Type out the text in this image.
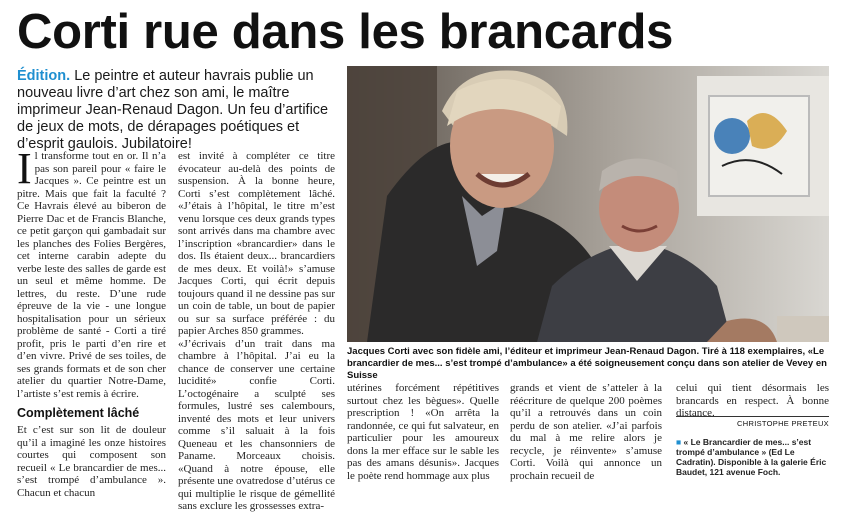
Corti rue dans les brancards

Édition. Le peintre et auteur havrais publie un nouveau livre d’art chez son ami, le maître imprimeur Jean-Renaud Dagon. Un feu d’artifice de jeux de mots, de dérapages poétiques et d’esprit gaulois. Jubilatoire!

Il transforme tout en or. Il n’a pas son pareil pour « faire le Jacques ». Ce peintre est un pitre. Mais que fait la faculté ? Ce Havrais élevé au biberon de Pierre Dac et de Francis Blanche, ce petit garçon qui gambadait sur les planches des Folies Bergères, cet interne carabin adepte du verbe leste des salles de garde est un seul et même homme. De lettres, du reste. D’une rude épreuve de la vie - une longue hospitalisation pour un sérieux problème de santé - Corti a tiré profit, pris le parti d’en rire et d’en vivre. Privé de ses toiles, de ses grands formats et de son cher atelier du quartier Notre-Dame, l’artiste s’est remis à écrire.

Complètement lâché

Et c’est sur son lit de douleur qu’il a imaginé les onze histoires courtes qui composent son recueil « Le brancardier de mes... s’est trompé d’ambulance ». Chacun et chacun

est invité à compléter ce titre évocateur au-delà des points de suspension. À la bonne heure, Corti s’est complètement lâché. «J’étais à l’hôpital, le titre m’est venu lorsque ces deux grands types sont arrivés dans ma chambre avec l’inscription «brancardier» dans le dos. Ils étaient deux... brancardiers de mes deux. Et voilà!» s’amuse Jacques Corti, qui écrit depuis toujours quand il ne dessine pas sur un coin de table, un bout de papier ou sur sa surface préférée : du papier Arches 850 grammes.

«J’écrivais d’un trait dans ma chambre à l’hôpital. J’ai eu la chance de conserver une certaine lucidité» confie Corti. L’octogénaire a sculpté ses formules, lustré ses calembours, inventé des mots et leur univers comme s’il saluait à la fois Queneau et les chansonniers de Paname. Morceaux choisis. «Quand à notre épouse, elle présente une ovatredose d’utérus ce qui multiplie le risque de gémellité sans exclure les grossesses extra-

Jacques Corti avec son fidèle ami, l’éditeur et imprimeur Jean-Renaud Dagon. Tiré à 118 exemplaires, «Le brancardier de mes... s’est trompé d’ambulance» a été soigneusement conçu dans son atelier de Vevey en Suisse

utérines forcément répétitives surtout chez les bègues». Quelle prescription ! «On arrêta la randonnée, ce qui fut salvateur, en particulier pour les amoureux dons la mer efface sur le sable les pas des amans désunis». Jacques le poète rend hommage aux plus

grands et vient de s’atteler à la réécriture de quelque 200 poèmes qu’il a retrouvés dans un coin perdu de son atelier. «J’ai parfois du mal à me relire alors je recycle, je réinvente» s’amuse Corti. Voilà qui annonce un prochain recueil de

celui qui tient désormais les brancards en respect. À bonne distance.

CHRISTOPHE PRETEUX

■ « Le Brancardier de mes... s’est trompé d’ambulance » (Ed Le Cadratin). Disponible à la galerie Éric Baudet, 121 avenue Foch.
